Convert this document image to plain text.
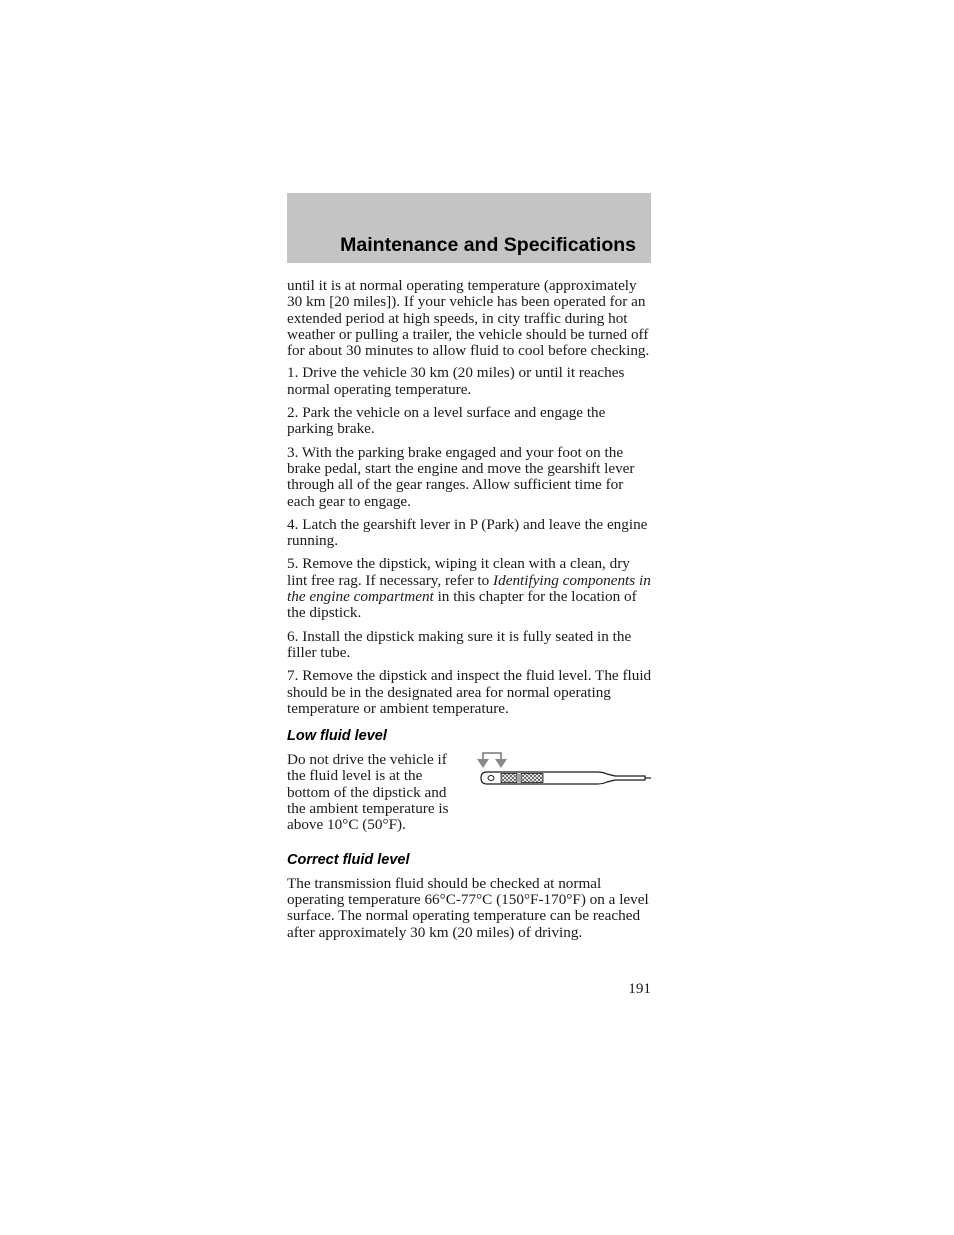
Maintenance and Specifications

until it is at normal operating temperature (approximately 30 km [20 miles]). If your vehicle has been operated for an extended period at high speeds, in city traffic during hot weather or pulling a trailer, the vehicle should be turned off for about 30 minutes to allow fluid to cool before checking.

1. Drive the vehicle 30 km (20 miles) or until it reaches normal operating temperature.

2. Park the vehicle on a level surface and engage the parking brake.

3. With the parking brake engaged and your foot on the brake pedal, start the engine and move the gearshift lever through all of the gear ranges. Allow sufficient time for each gear to engage.

4. Latch the gearshift lever in P (Park) and leave the engine running.

5. Remove the dipstick, wiping it clean with a clean, dry lint free rag. If necessary, refer to Identifying components in the engine compartment in this chapter for the location of the dipstick.

6. Install the dipstick making sure it is fully seated in the filler tube.

7. Remove the dipstick and inspect the fluid level. The fluid should be in the designated area for normal operating temperature or ambient temperature.

Low fluid level

Do not drive the vehicle if the fluid level is at the bottom of the dipstick and the ambient temperature is above 10°C (50°F).

Correct fluid level

The transmission fluid should be checked at normal operating temperature 66°C-77°C (150°F-170°F) on a level surface. The normal operating temperature can be reached after approximately 30 km (20 miles) of driving.

191
